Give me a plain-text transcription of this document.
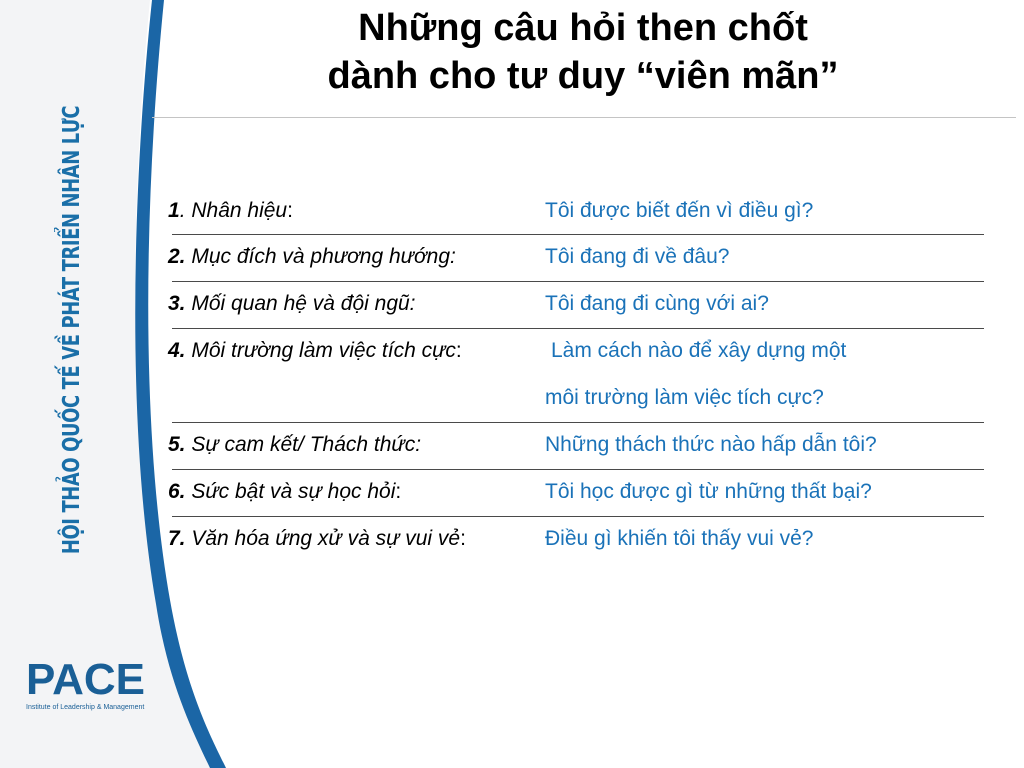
HỘI THẢO QUỐC TẾ VỀ PHÁT TRIỂN NHÂN LỰC
PACE
Institute of Leadership & Management
Những câu hỏi then chốt
dành cho tư duy “viên mãn”
1. Nhân hiệu:	Tôi được biết đến vì điều gì?
2. Mục đích và phương hướng:	Tôi đang đi về đâu?
3. Mối quan hệ và đội ngũ:	Tôi đang đi cùng với ai?
4. Môi trường làm việc tích cực:	Làm cách nào để xây dựng một
môi trường làm việc tích cực?
5. Sự cam kết/ Thách thức:	Những thách thức nào hấp dẫn tôi?
6. Sức bật và sự học hỏi:	Tôi học được gì từ những thất bại?
7. Văn hóa ứng xử và sự vui vẻ:	Điều gì khiến tôi thấy vui vẻ?
